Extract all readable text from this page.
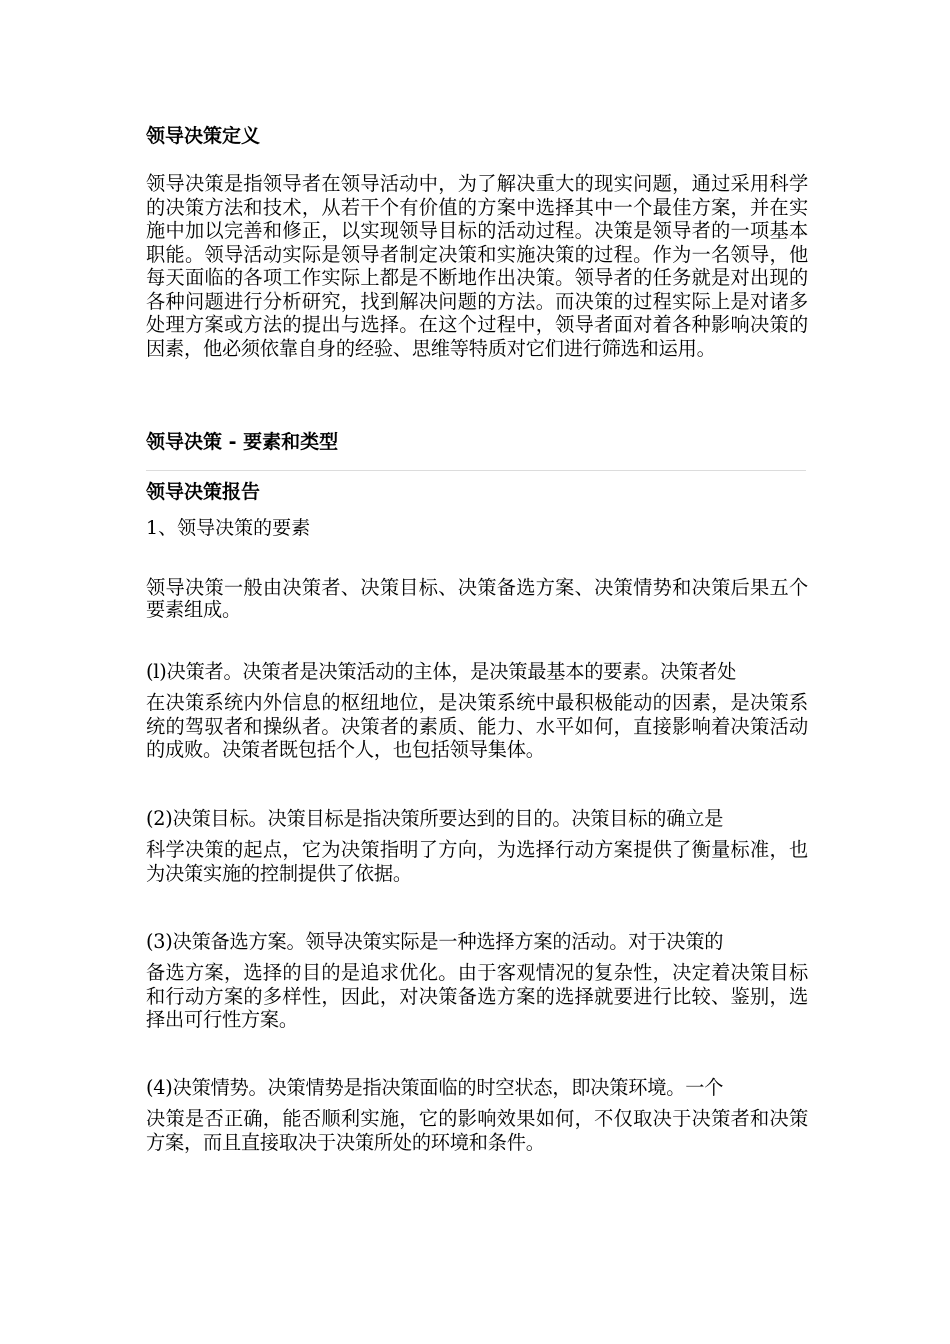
领导决策定义
领导决策是指领导者在领导活动中，为了解决重大的现实问题，通过采用科学的决策方法和技术，从若干个有价值的方案中选择其中一个最佳方案，并在实施中加以完善和修正，以实现领导目标的活动过程。决策是领导者的一项基本职能。领导活动实际是领导者制定决策和实施决策的过程。作为一名领导，他每天面临的各项工作实际上都是不断地作出决策。领导者的任务就是对出现的各种问题进行分析研究，找到解决问题的方法。而决策的过程实际上是对诸多处理方案或方法的提出与选择。在这个过程中，领导者面对着各种影响决策的因素，他必须依靠自身的经验、思维等特质对它们进行筛选和运用。
领导决策 - 要素和类型
领导决策报告
1、领导决策的要素
领导决策一般由决策者、决策目标、决策备选方案、决策情势和决策后果五个要素组成。
(l)决策者。决策者是决策活动的主体，是决策最基本的要素。决策者处
在决策系统内外信息的枢纽地位，是决策系统中最积极能动的因素，是决策系统的驾驭者和操纵者。决策者的素质、能力、水平如何，直接影响着决策活动的成败。决策者既包括个人，也包括领导集体。
(2)决策目标。决策目标是指决策所要达到的目的。决策目标的确立是
科学决策的起点，它为决策指明了方向，为选择行动方案提供了衡量标准，也为决策实施的控制提供了依据。
(3)决策备选方案。领导决策实际是一种选择方案的活动。对于决策的
备选方案，选择的目的是追求优化。由于客观情况的复杂性，决定着决策目标和行动方案的多样性，因此，对决策备选方案的选择就要进行比较、鉴别，选择出可行性方案。
(4)决策情势。决策情势是指决策面临的时空状态，即决策环境。一个
决策是否正确，能否顺利实施，它的影响效果如何，不仅取决于决策者和决策方案，而且直接取决于决策所处的环境和条件。
